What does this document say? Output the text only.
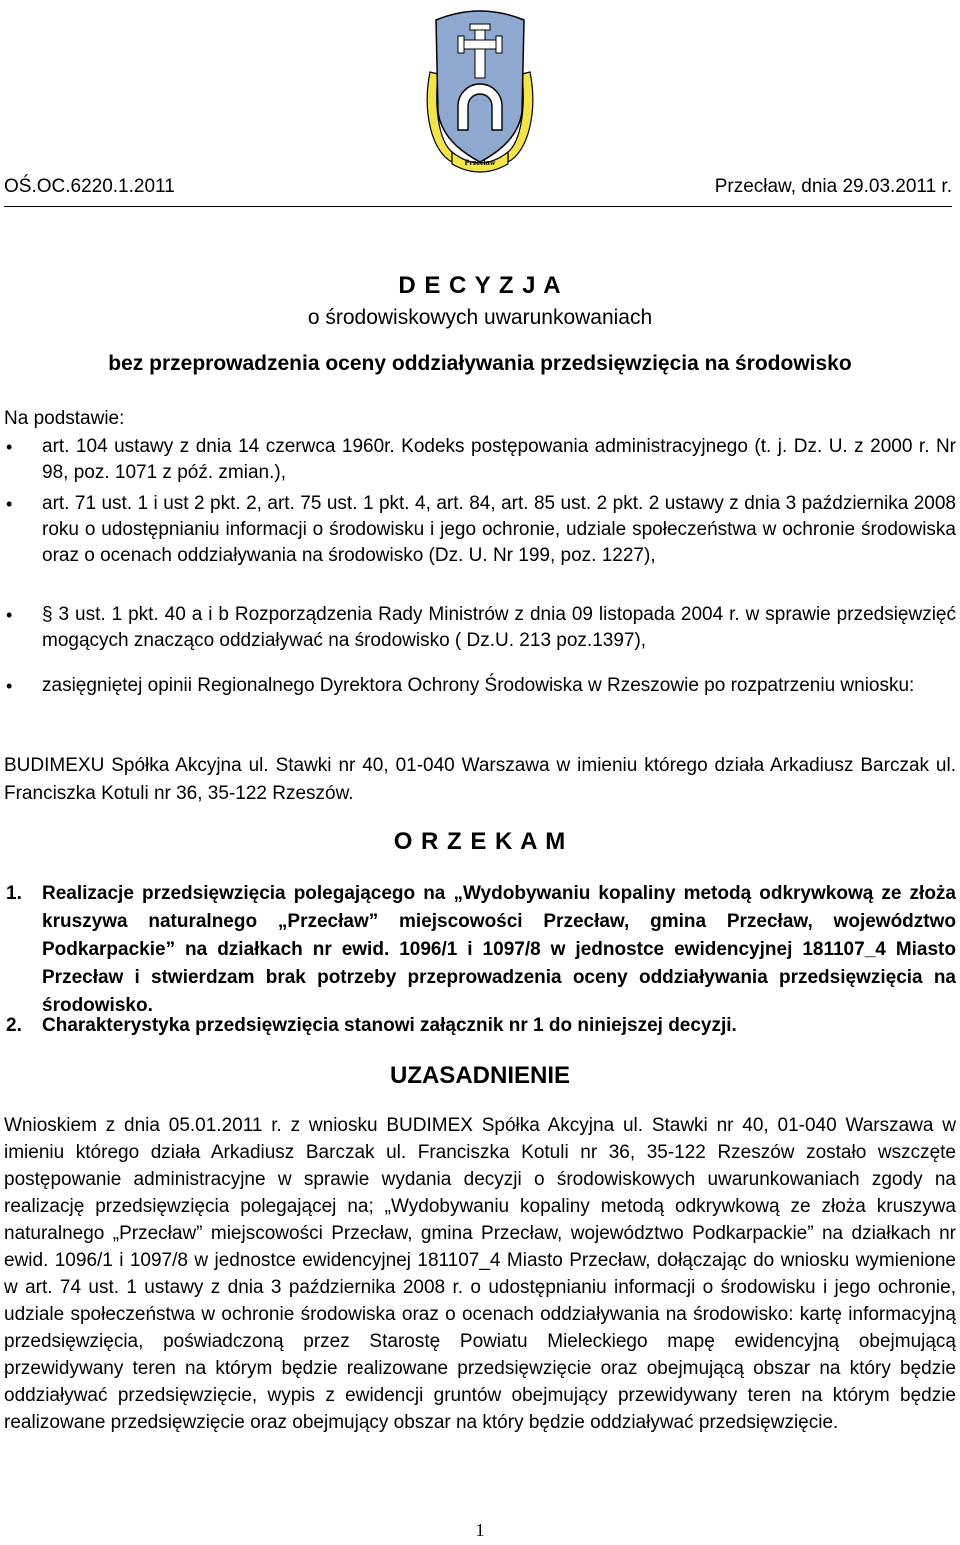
Przecław
OŚ.OC.6220.1.2011	Przecław, dnia 29.03.2011 r.
D E C Y Z J A
o środowiskowych uwarunkowaniach
bez przeprowadzenia oceny oddziaływania przedsięwzięcia na środowisko
Na podstawie:
• art. 104 ustawy z dnia 14 czerwca 1960r. Kodeks postępowania administracyjnego (t. j. Dz. U. z 2000 r. Nr 98, poz. 1071 z póź. zmian.),
• art. 71 ust. 1 i ust 2 pkt. 2, art. 75 ust. 1 pkt. 4, art. 84, art. 85 ust. 2 pkt. 2 ustawy z dnia 3 października 2008 roku o udostępnianiu informacji o środowisku i jego ochronie, udziale społeczeństwa w ochronie środowiska oraz o ocenach oddziaływania na środowisko (Dz. U. Nr 199, poz. 1227),
• § 3 ust. 1 pkt. 40 a i b Rozporządzenia Rady Ministrów z dnia 09 listopada 2004 r. w sprawie przedsięwzięć mogących znacząco oddziaływać na środowisko ( Dz.U. 213 poz.1397),
• zasięgniętej opinii Regionalnego Dyrektora Ochrony Środowiska w Rzeszowie po rozpatrzeniu wniosku:
BUDIMEXU Spółka Akcyjna ul. Stawki nr 40, 01-040 Warszawa w imieniu którego działa Arkadiusz Barczak ul. Franciszka Kotuli nr 36, 35-122 Rzeszów.
O R Z E K A M
1. Realizacje przedsięwzięcia polegającego na „Wydobywaniu kopaliny metodą odkrywkową ze złoża kruszywa naturalnego „Przecław” miejscowości Przecław, gmina Przecław, województwo Podkarpackie” na działkach nr ewid. 1096/1 i 1097/8 w jednostce ewidencyjnej 181107_4 Miasto Przecław i stwierdzam brak potrzeby przeprowadzenia oceny oddziaływania przedsięwzięcia na środowisko.
2. Charakterystyka przedsięwzięcia stanowi załącznik nr 1 do niniejszej decyzji.
UZASADNIENIE
Wnioskiem z dnia 05.01.2011 r. z wniosku BUDIMEX Spółka Akcyjna ul. Stawki nr 40, 01-040 Warszawa w imieniu którego działa Arkadiusz Barczak ul. Franciszka Kotuli nr 36, 35-122 Rzeszów zostało wszczęte postępowanie administracyjne w sprawie wydania decyzji o środowiskowych uwarunkowaniach zgody na realizację przedsięwzięcia polegającej na; „Wydobywaniu kopaliny metodą odkrywkową ze złoża kruszywa naturalnego „Przecław” miejscowości Przecław, gmina Przecław, województwo Podkarpackie” na działkach nr ewid. 1096/1 i 1097/8 w jednostce ewidencyjnej 181107_4 Miasto Przecław, dołączając do wniosku wymienione w art. 74 ust. 1 ustawy z dnia 3 października 2008 r. o udostępnianiu informacji o środowisku i jego ochronie, udziale społeczeństwa w ochronie środowiska oraz o ocenach oddziaływania na środowisko: kartę informacyjną przedsięwzięcia, poświadczoną przez Starostę Powiatu Mieleckiego mapę ewidencyjną obejmującą przewidywany teren na którym będzie realizowane przedsięwzięcie oraz obejmującą obszar na który będzie oddziaływać przedsięwzięcie, wypis z ewidencji gruntów obejmujący przewidywany teren na którym będzie realizowane przedsięwzięcie oraz obejmujący obszar na który będzie oddziaływać przedsięwzięcie.
1
